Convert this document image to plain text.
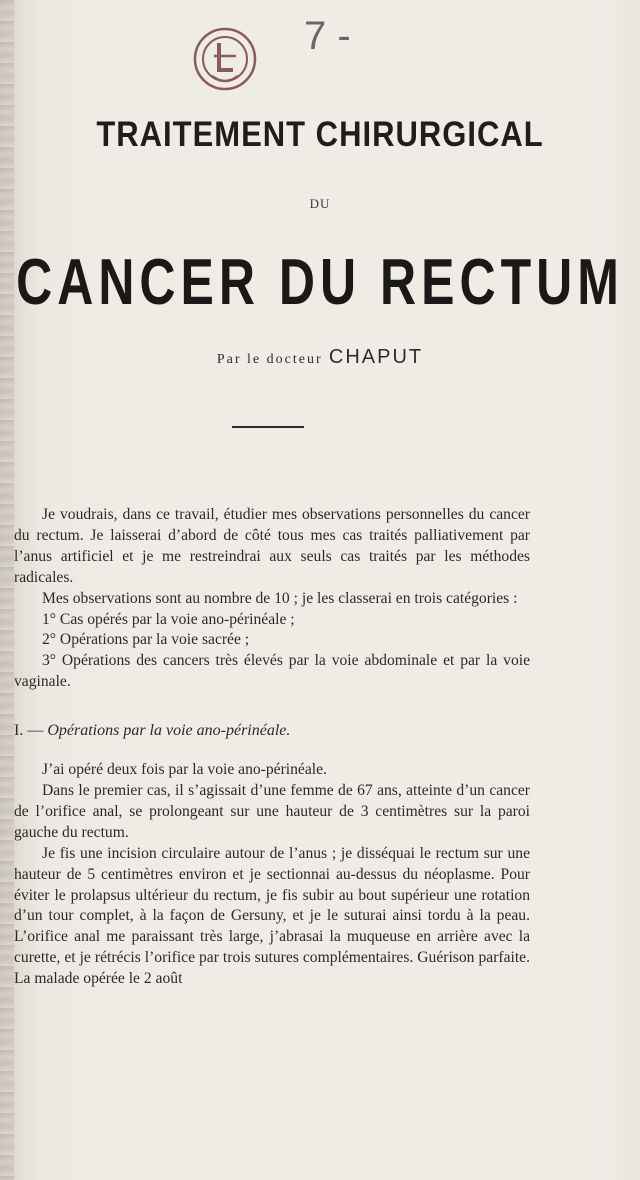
7 -
TRAITEMENT CHIRURGICAL
DU
CANCER DU RECTUM
Par le docteur CHAPUT

Je voudrais, dans ce travail, étudier mes observations personnelles du cancer du rectum. Je laisserai d’abord de côté tous mes cas traités palliativement par l’anus artificiel et je me restreindrai aux seuls cas traités par les méthodes radicales.

Mes observations sont au nombre de 10 ; je les classerai en trois catégories :

1° Cas opérés par la voie ano-périnéale ;

2° Opérations par la voie sacrée ;

3° Opérations des cancers très élevés par la voie abdominale et par la voie vaginale.

I. — Opérations par la voie ano-périnéale.

J’ai opéré deux fois par la voie ano-périnéale.

Dans le premier cas, il s’agissait d’une femme de 67 ans, atteinte d’un cancer de l’orifice anal, se prolongeant sur une hauteur de 3 centimètres sur la paroi gauche du rectum.

Je fis une incision circulaire autour de l’anus ; je disséquai le rectum sur une hauteur de 5 centimètres environ et je sectionnai au-dessus du néoplasme. Pour éviter le prolapsus ultérieur du rectum, je fis subir au bout supérieur une rotation d’un tour complet, à la façon de Gersuny, et je le suturai ainsi tordu à la peau. L’orifice anal me paraissant très large, j’abrasai la muqueuse en arrière avec la curette, et je rétrécis l’orifice par trois sutures complémentaires. Guérison parfaite. La malade opérée le 2 août
